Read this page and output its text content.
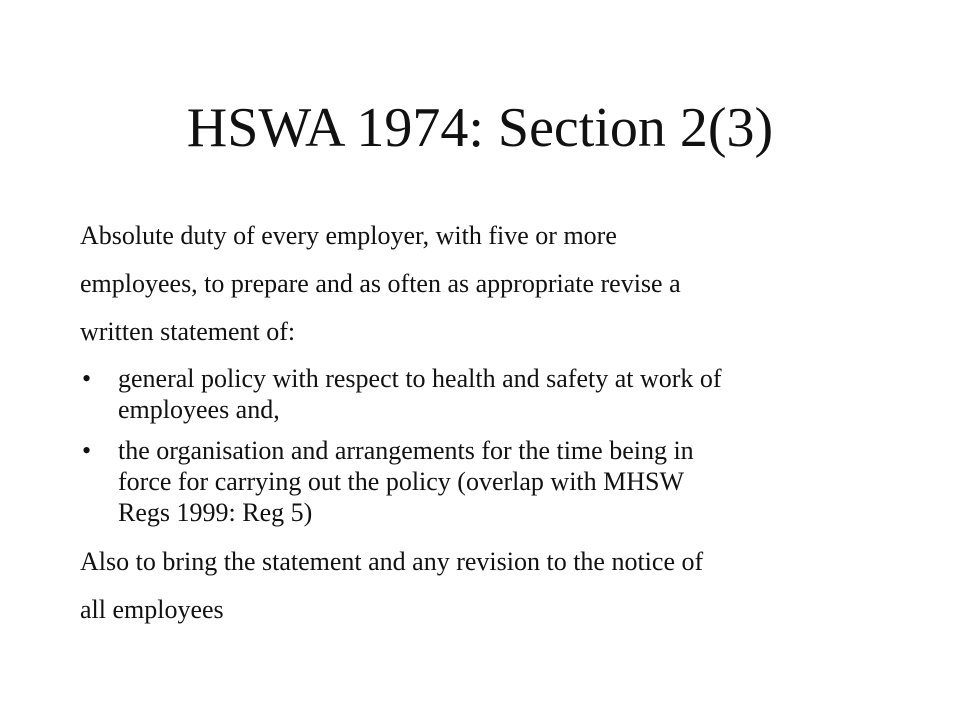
HSWA 1974: Section 2(3)

Absolute duty of every employer, with five or more

employees, to prepare and as often as appropriate revise a

written statement of:

• general policy with respect to health and safety at work of
employees and,
• the organisation and arrangements for the time being in
force for carrying out the policy (overlap with MHSW
Regs 1999: Reg 5)

Also to bring the statement and any revision to the notice of

all employees
